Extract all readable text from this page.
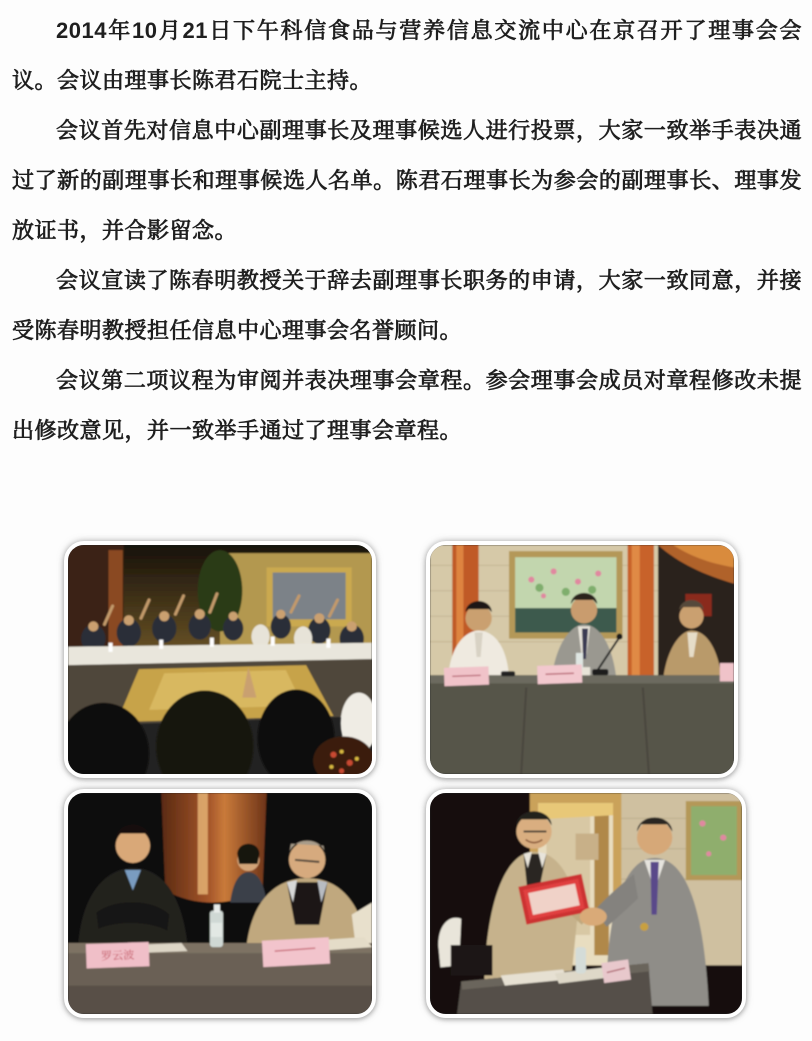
2014年10月21日下午科信食品与营养信息交流中心在京召开了理事会会议。会议由理事长陈君石院士主持。

会议首先对信息中心副理事长及理事候选人进行投票，大家一致举手表决通过了新的副理事长和理事候选人名单。陈君石理事长为参会的副理事长、理事发放证书，并合影留念。

会议宣读了陈春明教授关于辞去副理事长职务的申请，大家一致同意，并接受陈春明教授担任信息中心理事会名誉顾问。

会议第二项议程为审阅并表决理事会章程。参会理事会成员对章程修改未提出修改意见，并一致举手通过了理事会章程。

罗云波
